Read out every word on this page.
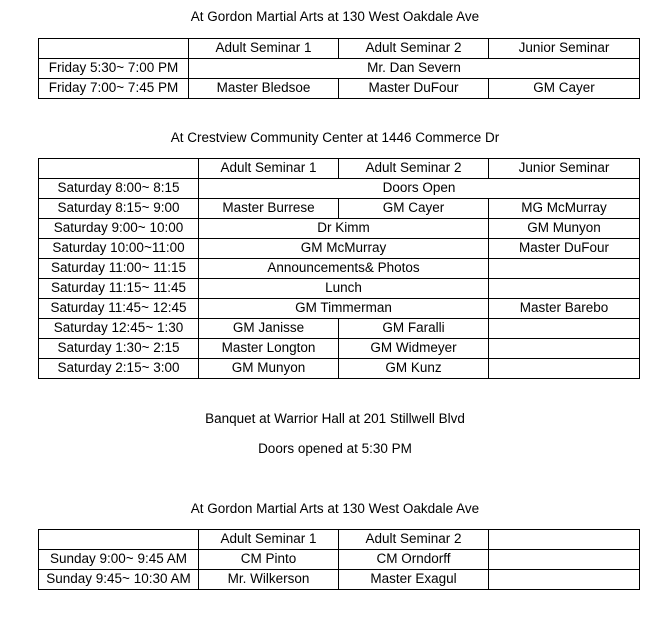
At Gordon Martial Arts at 130 West Oakdale Ave
	Adult Seminar 1	Adult Seminar 2	Junior Seminar
Friday 5:30~ 7:00 PM	Mr. Dan Severn		
Friday 7:00~ 7:45 PM	Master Bledsoe	Master DuFour	GM Cayer
At Crestview Community Center at 1446 Commerce Dr
	Adult Seminar 1	Adult Seminar 2	Junior Seminar
Saturday 8:00~ 8:15	Doors Open		
Saturday 8:15~ 9:00	Master Burrese	GM Cayer	MG McMurray
Saturday 9:00~ 10:00	Dr Kimm		GM Munyon
Saturday 10:00~11:00	GM McMurray		Master DuFour
Saturday 11:00~ 11:15	Announcements& Photos		
Saturday 11:15~ 11:45	Lunch		
Saturday 11:45~ 12:45	GM Timmerman		Master Barebo
Saturday 12:45~ 1:30	GM Janisse	GM Faralli	
Saturday 1:30~ 2:15	Master Longton	GM Widmeyer	
Saturday 2:15~ 3:00	GM Munyon	GM Kunz	
Banquet at Warrior Hall at 201 Stillwell Blvd
Doors opened at 5:30 PM
At Gordon Martial Arts at 130 West Oakdale Ave
	Adult Seminar 1	Adult Seminar 2	
Sunday 9:00~ 9:45 AM	CM Pinto	CM Orndorff	
Sunday 9:45~ 10:30 AM	Mr. Wilkerson	Master Exagul	
